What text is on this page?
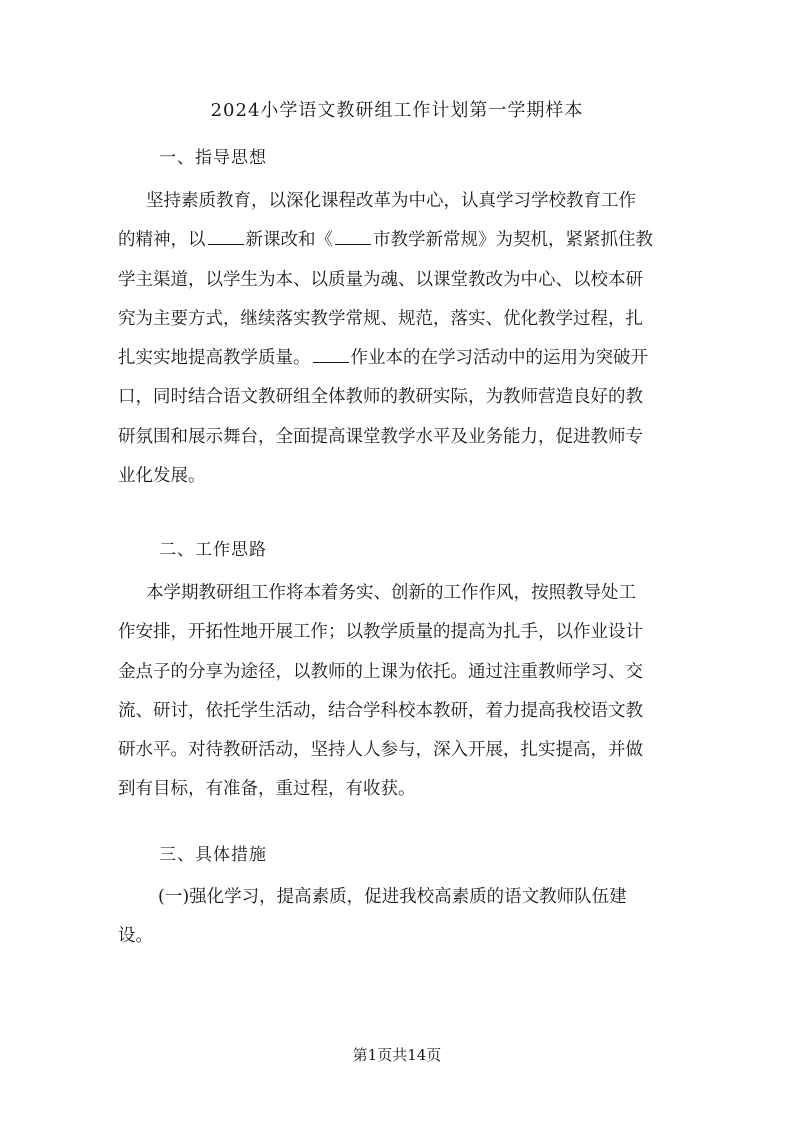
2024小学语文教研组工作计划第一学期样本
一、指导思想
坚持素质教育，以深化课程改革为中心，认真学习学校教育工作
的精神，以 新课改和《 市教学新常规》为契机，紧紧抓住教
学主渠道，以学生为本、以质量为魂、以课堂教改为中心、以校本研
究为主要方式，继续落实教学常规、规范，落实、优化教学过程，扎
扎实实地提高教学质量。 作业本的在学习活动中的运用为突破开
口，同时结合语文教研组全体教师的教研实际，为教师营造良好的教
研氛围和展示舞台，全面提高课堂教学水平及业务能力，促进教师专
业化发展。
二、工作思路
本学期教研组工作将本着务实、创新的工作作风，按照教导处工
作安排，开拓性地开展工作；以教学质量的提高为扎手，以作业设计
金点子的分享为途径，以教师的上课为依托。通过注重教师学习、交
流、研讨，依托学生活动，结合学科校本教研，着力提高我校语文教
研水平。对待教研活动，坚持人人参与，深入开展，扎实提高，并做
到有目标，有准备，重过程，有收获。
三、具体措施
(一)强化学习，提高素质，促进我校高素质的语文教师队伍建
设。
第1页共14页
